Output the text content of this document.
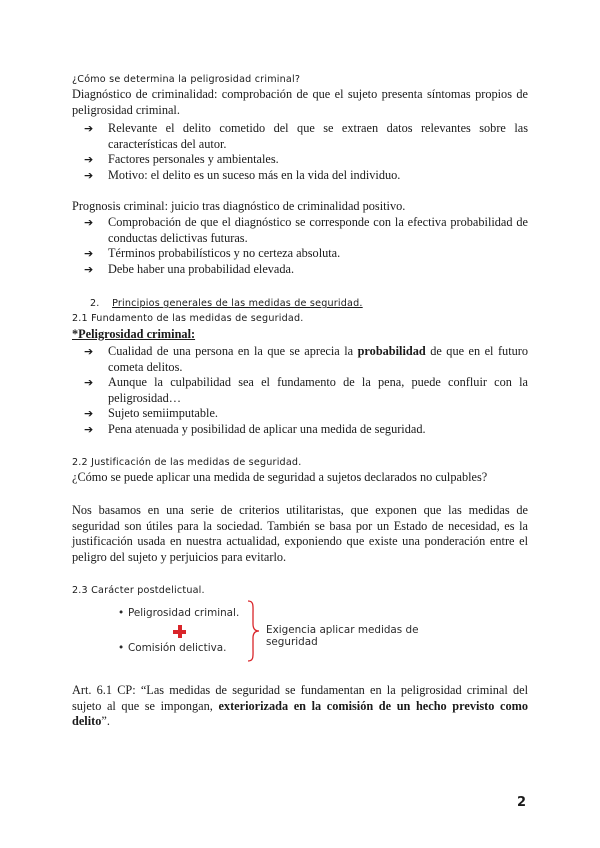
¿Cómo se determina la peligrosidad criminal?
Diagnóstico de criminalidad: comprobación de que el sujeto presenta síntomas propios de peligrosidad criminal.
➔ Relevante el delito cometido del que se extraen datos relevantes sobre las características del autor.
➔ Factores personales y ambientales.
➔ Motivo: el delito es un suceso más en la vida del individuo.
Prognosis criminal: juicio tras diagnóstico de criminalidad positivo.
➔ Comprobación de que el diagnóstico se corresponde con la efectiva probabilidad de conductas delictivas futuras.
➔ Términos probabilísticos y no certeza absoluta.
➔ Debe haber una probabilidad elevada.
2. Principios generales de las medidas de seguridad.
2.1 Fundamento de las medidas de seguridad.
*Peligrosidad criminal:
➔ Cualidad de una persona en la que se aprecia la probabilidad de que en el futuro cometa delitos.
➔ Aunque la culpabilidad sea el fundamento de la pena, puede confluir con la peligrosidad…
➔ Sujeto semiimputable.
➔ Pena atenuada y posibilidad de aplicar una medida de seguridad.
2.2 Justificación de las medidas de seguridad.
¿Cómo se puede aplicar una medida de seguridad a sujetos declarados no culpables?
Nos basamos en una serie de criterios utilitaristas, que exponen que las medidas de seguridad son útiles para la sociedad. También se basa por un Estado de necesidad, es la justificación usada en nuestra actualidad, exponiendo que existe una ponderación entre el peligro del sujeto y perjuicios para evitarlo.
2.3 Carácter postdelictual.
• Peligrosidad criminal.
• Comisión delictiva.
Exigencia aplicar medidas de seguridad
Art. 6.1 CP: “Las medidas de seguridad se fundamentan en la peligrosidad criminal del sujeto al que se impongan, exteriorizada en la comisión de un hecho previsto como delito”.
2
